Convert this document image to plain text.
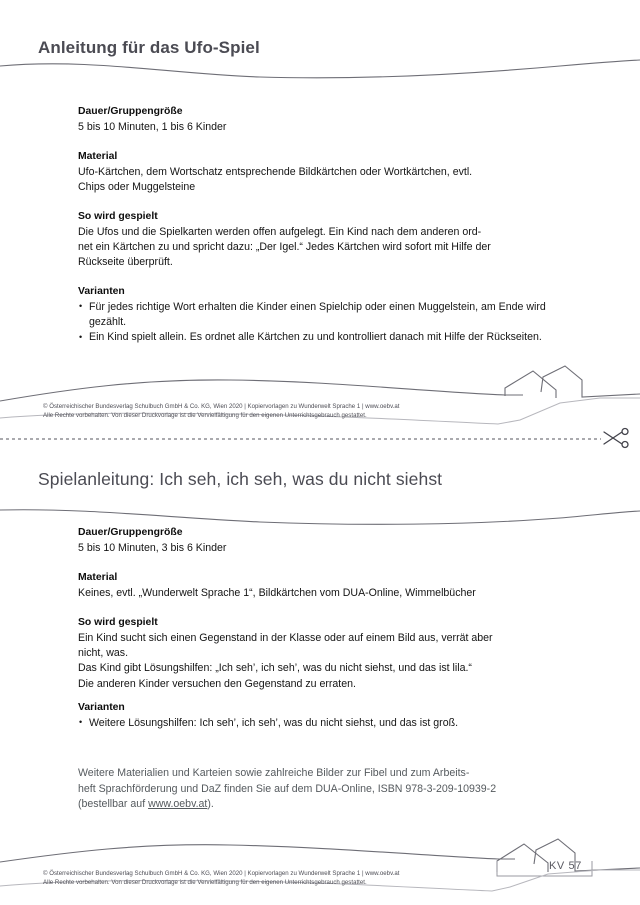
Anleitung für das Ufo-Spiel
Dauer/Gruppengröße
5 bis 10 Minuten, 1 bis 6 Kinder
Material
Ufo-Kärtchen, dem Wortschatz entsprechende Bildkärtchen oder Wortkärtchen, evtl.
Chips oder Muggelsteine
So wird gespielt
Die Ufos und die Spielkarten werden offen aufgelegt. Ein Kind nach dem anderen ord-
net ein Kärtchen zu und spricht dazu: „Der Igel.“ Jedes Kärtchen wird sofort mit Hilfe der
Rückseite überprüft.
Varianten
• Für jedes richtige Wort erhalten die Kinder einen Spielchip oder einen Muggelstein, am Ende wird gezählt.
• Ein Kind spielt allein. Es ordnet alle Kärtchen zu und kontrolliert danach mit Hilfe der Rückseiten.
© Österreichischer Bundesverlag Schulbuch GmbH & Co. KG, Wien 2020 | Kopiervorlagen zu Wunderwelt Sprache 1 | www.oebv.at
Alle Rechte vorbehalten. Von dieser Druckvorlage ist die Vervielfältigung für den eigenen Unterrichtsgebrauch gestattet.
Spielanleitung: Ich seh, ich seh, was du nicht siehst
Dauer/Gruppengröße
5 bis 10 Minuten, 3 bis 6 Kinder
Material
Keines, evtl. „Wunderwelt Sprache 1“, Bildkärtchen vom DUA-Online, Wimmelbücher
So wird gespielt
Ein Kind sucht sich einen Gegenstand in der Klasse oder auf einem Bild aus, verrät aber
nicht, was.
Das Kind gibt Lösungshilfen: „Ich seh’, ich seh’, was du nicht siehst, und das ist lila.“
Die anderen Kinder versuchen den Gegenstand zu erraten.
Varianten
• Weitere Lösungshilfen: Ich seh’, ich seh’, was du nicht siehst, und das ist groß.
Weitere Materialien und Karteien sowie zahlreiche Bilder zur Fibel und zum Arbeits-
heft Sprachförderung und DaZ finden Sie auf dem DUA-Online, ISBN 978-3-209-10939-2
(bestellbar auf www.oebv.at).
© Österreichischer Bundesverlag Schulbuch GmbH & Co. KG, Wien 2020 | Kopiervorlagen zu Wunderwelt Sprache 1 | www.oebv.at
Alle Rechte vorbehalten. Von dieser Druckvorlage ist die Vervielfältigung für den eigenen Unterrichtsgebrauch gestattet.
KV 57
